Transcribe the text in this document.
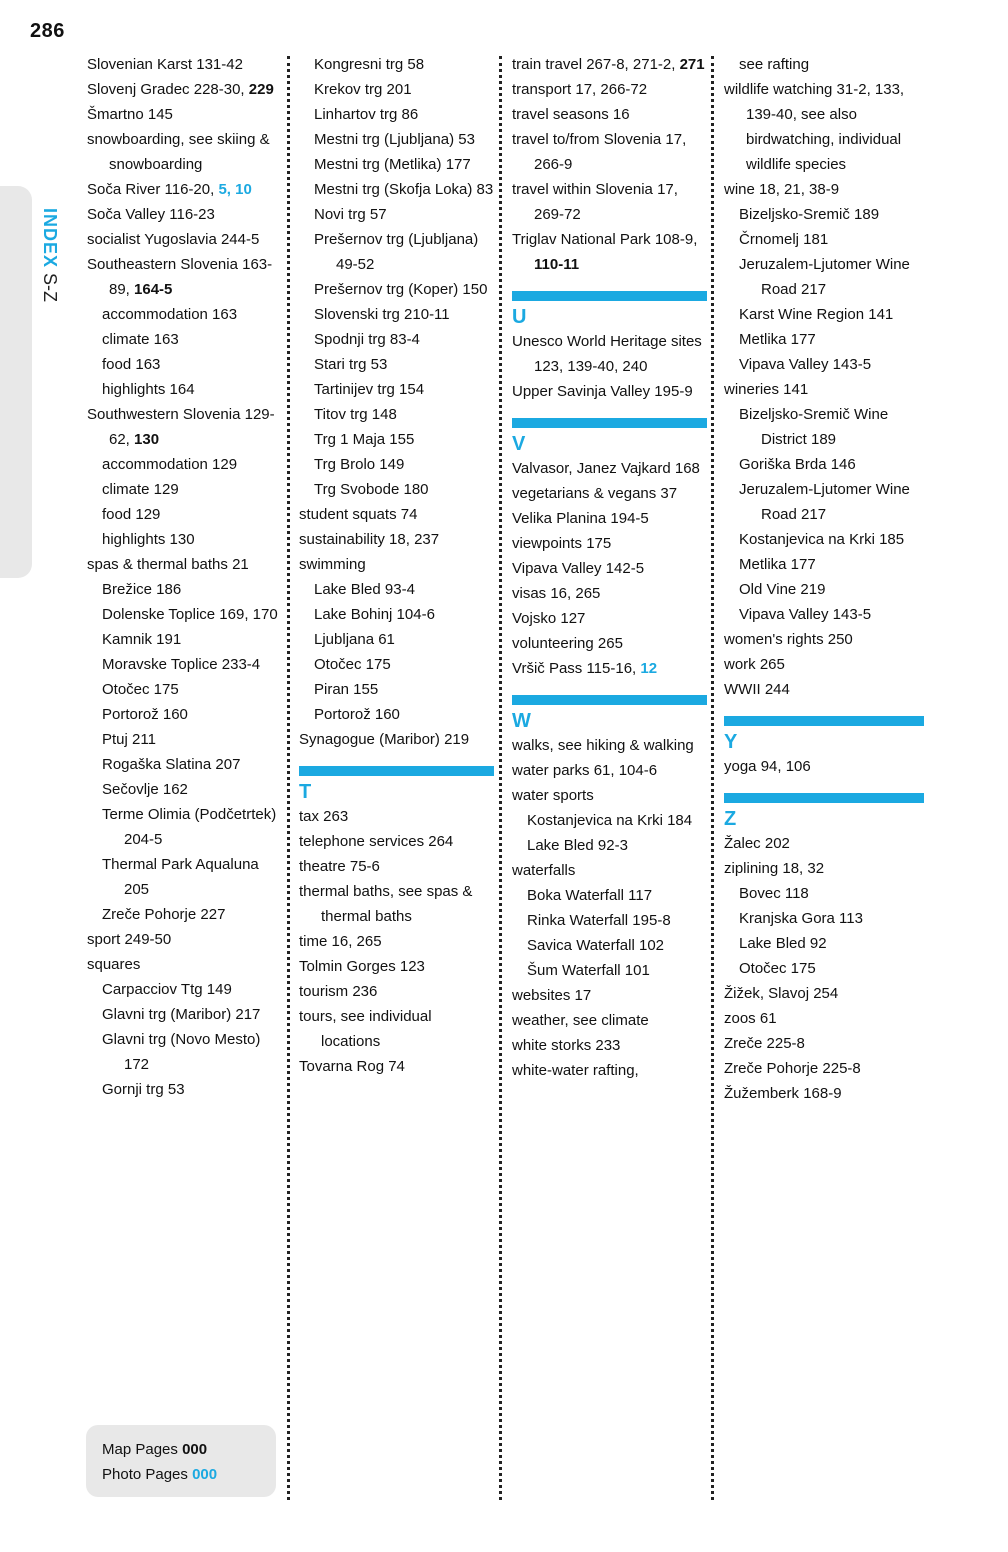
286
INDEX S-Z
Slovenian Karst 131-42
Slovenj Gradec 228-30, 229
Šmartno 145
snowboarding, see skiing & snowboarding
Soča River 116-20, 5, 10
Soča Valley 116-23
socialist Yugoslavia 244-5
Southeastern Slovenia 163-89, 164-5
accommodation 163
climate 163
food 163
highlights 164
Southwestern Slovenia 129-62, 130
accommodation 129
climate 129
food 129
highlights 130
spas & thermal baths 21
Brežice 186
Dolenske Toplice 169, 170
Kamnik 191
Moravske Toplice 233-4
Otočec 175
Portorož 160
Ptuj 211
Rogaška Slatina 207
Sečovlje 162
Terme Olimia (Podčetrtek) 204-5
Thermal Park Aqualuna 205
Zreče Pohorje 227
sport 249-50
squares
Carpacciov Ttg 149
Glavni trg (Maribor) 217
Glavni trg (Novo Mesto) 172
Gornji trg 53
Kongresni trg 58
Krekov trg 201
Linhartov trg 86
Mestni trg (Ljubljana) 53
Mestni trg (Metlika) 177
Mestni trg (Skofja Loka) 83
Novi trg 57
Prešernov trg (Ljubljana) 49-52
Prešernov trg (Koper) 150
Slovenski trg 210-11
Spodnji trg 83-4
Stari trg 53
Tartinijev trg 154
Titov trg 148
Trg 1 Maja 155
Trg Brolo 149
Trg Svobode 180
student squats 74
sustainability 18, 237
swimming
Lake Bled 93-4
Lake Bohinj 104-6
Ljubljana 61
Otočec 175
Piran 155
Portorož 160
Synagogue (Maribor) 219
T
tax 263
telephone services 264
theatre 75-6
thermal baths, see spas & thermal baths
time 16, 265
Tolmin Gorges 123
tourism 236
tours, see individual locations
Tovarna Rog 74
train travel 267-8, 271-2, 271
transport 17, 266-72
travel seasons 16
travel to/from Slovenia 17, 266-9
travel within Slovenia 17, 269-72
Triglav National Park 108-9, 110-11
U
Unesco World Heritage sites 123, 139-40, 240
Upper Savinja Valley 195-9
V
Valvasor, Janez Vajkard 168
vegetarians & vegans 37
Velika Planina 194-5
viewpoints 175
Vipava Valley 142-5
visas 16, 265
Vojsko 127
volunteering 265
Vršič Pass 115-16, 12
W
walks, see hiking & walking
water parks 61, 104-6
water sports
Kostanjevica na Krki 184
Lake Bled 92-3
waterfalls
Boka Waterfall 117
Rinka Waterfall 195-8
Savica Waterfall 102
Šum Waterfall 101
websites 17
weather, see climate
white storks 233
white-water rafting,
see rafting
wildlife watching 31-2, 133, 139-40, see also birdwatching, individual wildlife species
wine 18, 21, 38-9
Bizeljsko-Sremič 189
Črnomelj 181
Jeruzalem-Ljutomer Wine Road 217
Karst Wine Region 141
Metlika 177
Vipava Valley 143-5
wineries 141
Bizeljsko-Sremič Wine District 189
Goriška Brda 146
Jeruzalem-Ljutomer Wine Road 217
Kostanjevica na Krki 185
Metlika 177
Old Vine 219
Vipava Valley 143-5
women's rights 250
work 265
WWII 244
Y
yoga 94, 106
Z
Žalec 202
ziplining 18, 32
Bovec 118
Kranjska Gora 113
Lake Bled 92
Otočec 175
Žižek, Slavoj 254
zoos 61
Zreče 225-8
Zreče Pohorje 225-8
Žužemberk 168-9
Map Pages 000
Photo Pages 000
